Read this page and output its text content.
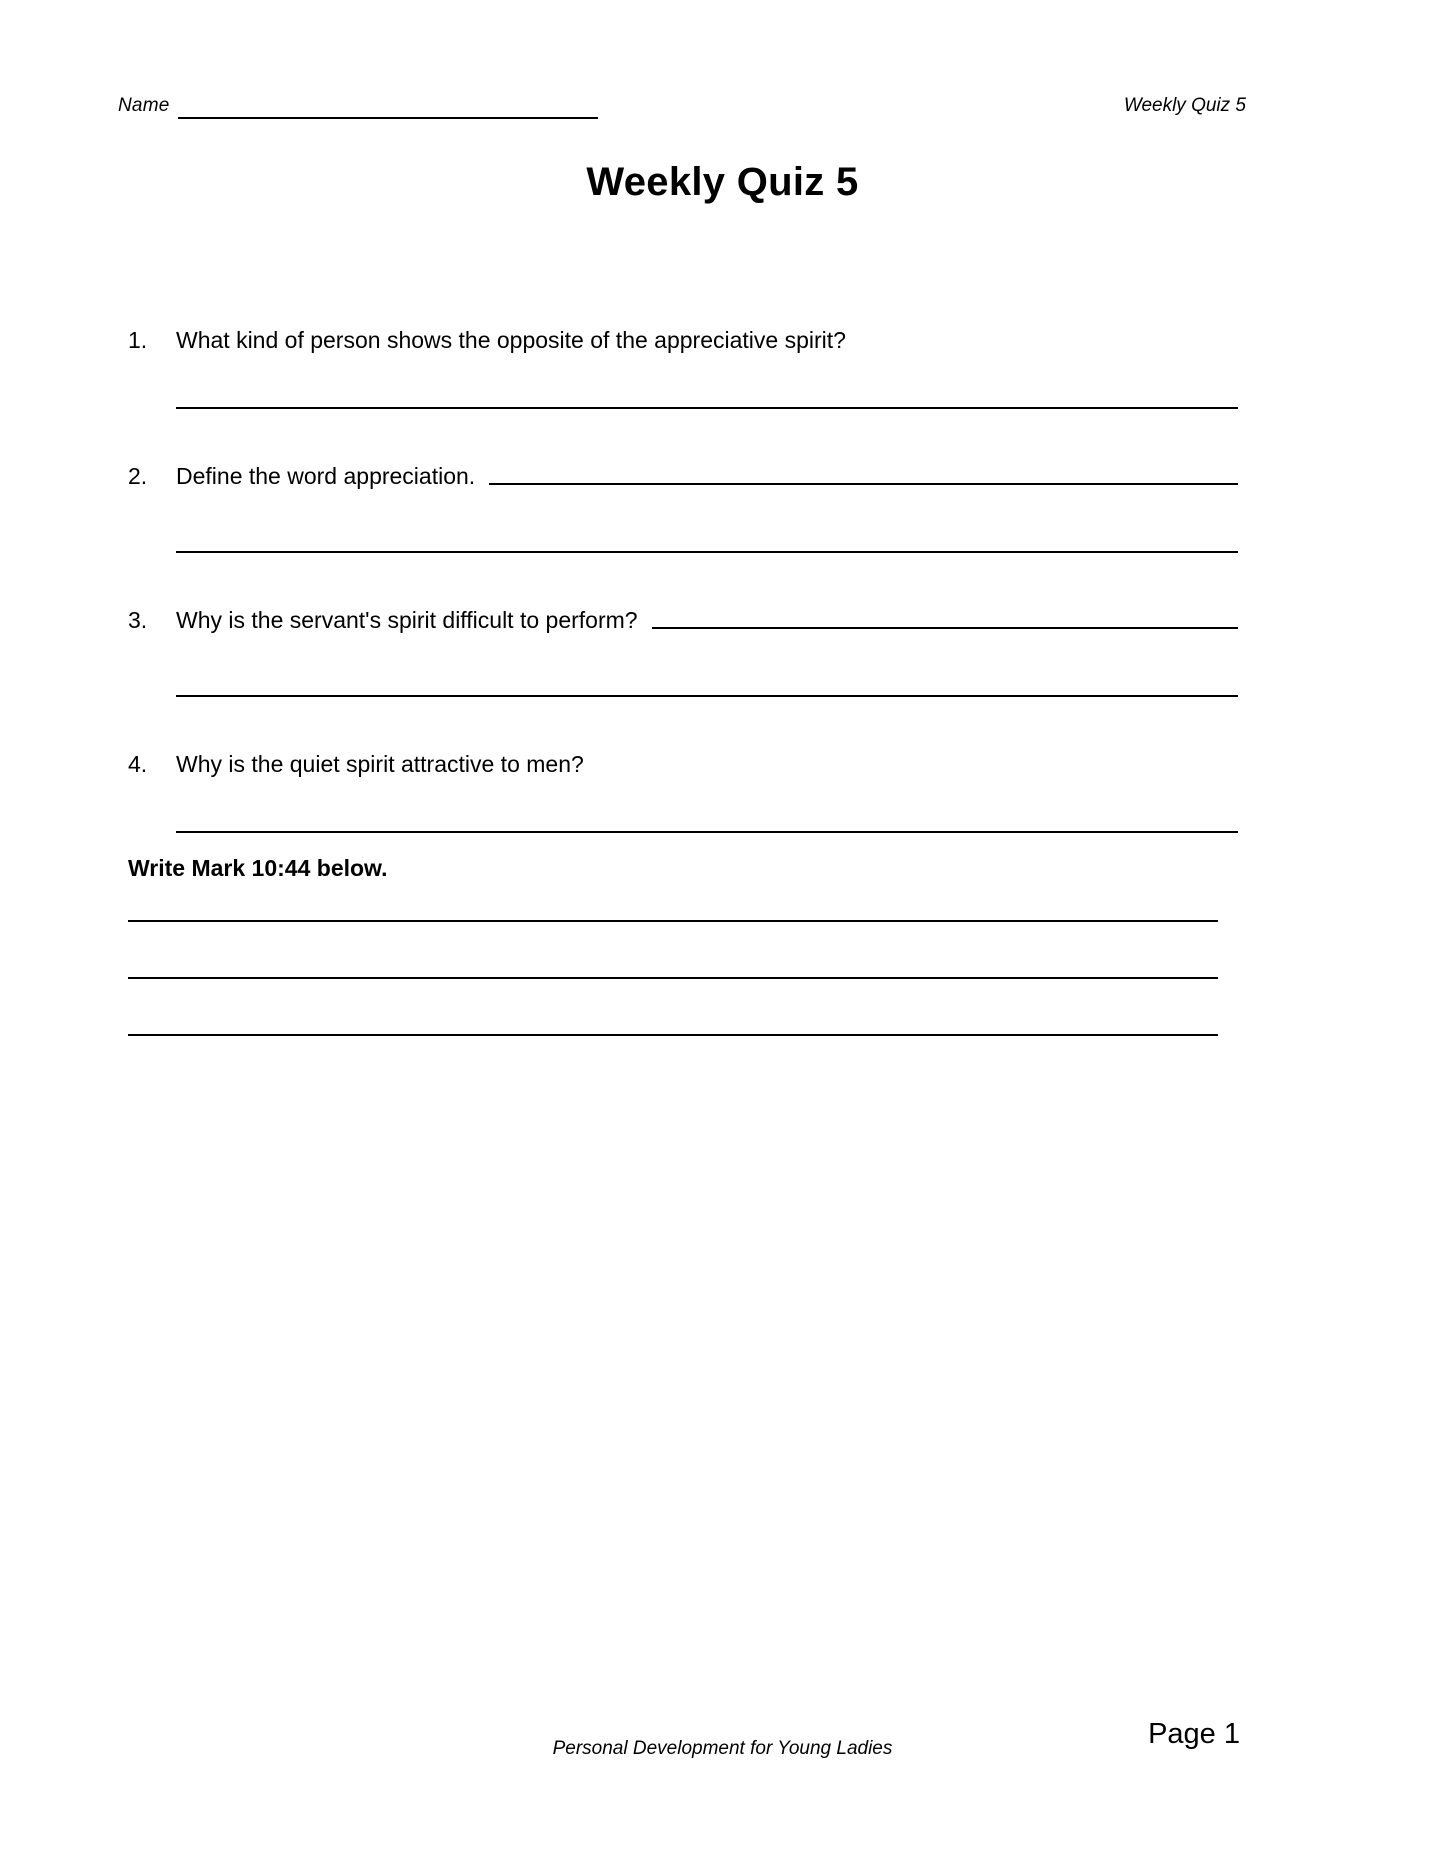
Name	Weekly Quiz 5
Weekly Quiz 5
1.	What kind of person shows the opposite of the appreciative spirit?
2.	Define the word appreciation.
3.	Why is the servant's spirit difficult to perform?
4.	Why is the quiet spirit attractive to men?
Write Mark 10:44 below.
Personal Development for Young Ladies	Page 1
